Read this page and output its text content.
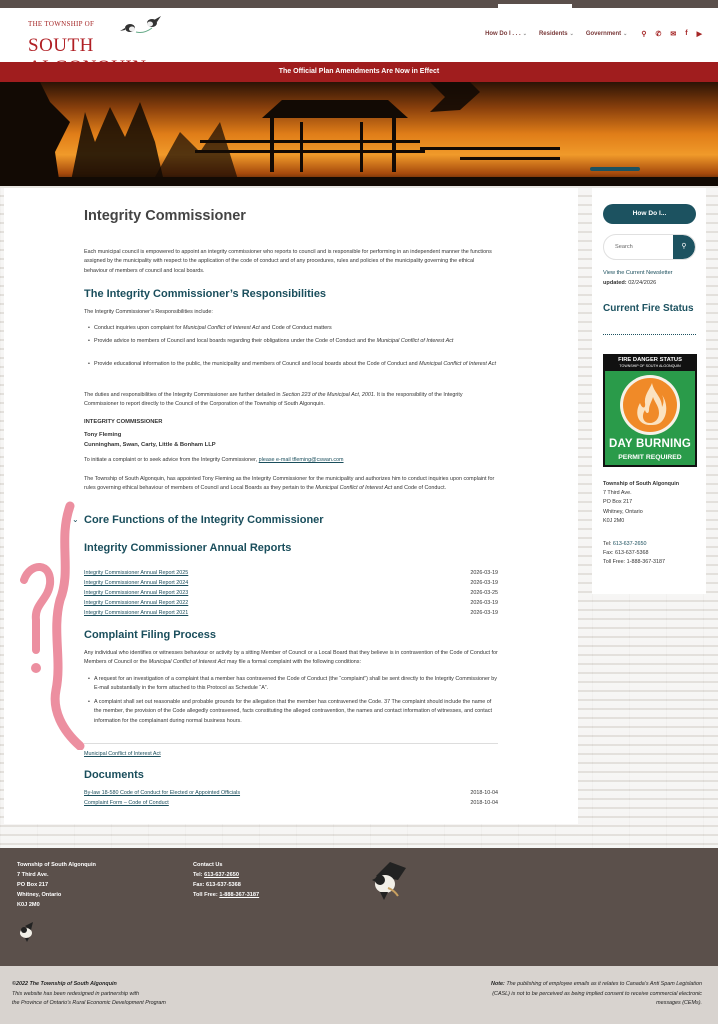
THE TOWNSHIP OF
SOUTH
How Do I . . . ⌄ Residents ⌄ Government ⌄ ⚲ ✆ ✉ f ▶
The Official Plan Amendments Are Now in Effect
Integrity Commissioner

Each municipal council is empowered to appoint an integrity commissioner who reports to council and is responsible for performing in an independent manner the functions assigned by the municipality with respect to the application of the code of conduct and of any procedures, rules and policies of the municipality governing the ethical behaviour of members of council and local boards.

The Integrity Commissioner’s Responsibilities

The Integrity Commissioner’s Responsibilities include:

• Conduct inquiries upon complaint for Municipal Conflict of Interest Act and Code of Conduct matters
• Provide advice to members of Council and local boards regarding their obligations under the Code of Conduct and the Municipal Conflict of Interest Act
• Provide educational information to the public, the municipality and members of Council and local boards about the Code of Conduct and Municipal Conflict of Interest Act

The duties and responsibilities of the Integrity Commissioner are further detailed in Section 223 of the Municipal Act, 2001. It is the responsibility of the Integrity Commissioner to report directly to the Council of the Corporation of the Township of South Algonquin.

INTEGRITY COMMISSIONER
Tony Fleming
Cunningham, Swan, Carty, Little & Bonham LLP

To initiate a complaint or to seek advice from the Integrity Commissioner, please e-mail tfleming@cswan.com

The Township of South Algonquin, has appointed Tony Fleming as the Integrity Commissioner for the municipality and authorizes him to conduct inquiries upon complaint for rules governing ethical behaviour of members of Council and Local Boards as they pertain to the Municipal Conflict of Interest Act and Code of Conduct.

⌄ Core Functions of the Integrity Commissioner
Integrity Commissioner Annual Reports
Integrity Commissioner Annual Report 2025	2026-03-19
Integrity Commissioner Annual Report 2024	2026-03-19
Integrity Commissioner Annual Report 2023	2026-03-25
Integrity Commissioner Annual Report 2022	2026-03-19
Integrity Commissioner Annual Report 2021	2026-03-19
Complaint Filing Process

Any individual who identifies or witnesses behaviour or activity by a sitting Member of Council or a Local Board that they believe is in contravention of the Code of Conduct for Members of Council or the Municipal Conflict of Interest Act may file a formal complaint with the following conditions:

• A request for an investigation of a complaint that a member has contravened the Code of Conduct (the “complaint”) shall be sent directly to the Integrity Commissioner by E-mail substantially in the form attached to this Protocol as Schedule “A”.
• A complaint shall set out reasonable and probable grounds for the allegation that the member has contravened the Code. 37 The complaint should include the name of the member, the provision of the Code allegedly contravened, facts constituting the alleged contravention, the names and contact information of witnesses, and contact information for the complainant during normal business hours.
Municipal Conflict of Interest Act
Documents
By-law 18-580 Code of Conduct for Elected or Appointed Officials	2018-10-04
Complaint Form – Code of Conduct	2018-10-04
How Do I...
Search
⚲
View the Current Newsletter
updated: 02/24/2026
Current Fire Status
FIRE DANGER STATUS
TOWNSHIP OF SOUTH ALGONQUIN
DAY BURNING
PERMIT REQUIRED
Township of South Algonquin
7 Third Ave.
PO Box 217
Whitney, Ontario
K0J 2M0
Tel: 613-637-2650
Fax: 613-637-5368
Toll Free: 1-888-367-3187
Township of South Algonquin
7 Third Ave.
PO Box 217
Whitney, Ontario
K0J 2M0
Contact Us
Tel: 613-637-2650
Fax: 613-637-5368
Toll Free: 1-888-367-3187
©2022 The Township of South Algonquin
This website has been redesigned in partnership with
the Province of Ontario’s Rural Economic Development Program
Note: The publishing of employee emails as it relates to Canada’s Anti Spam Legislation (CASL) is not to be perceived as being implied consent to receive commercial electronic messages (CEMs).
